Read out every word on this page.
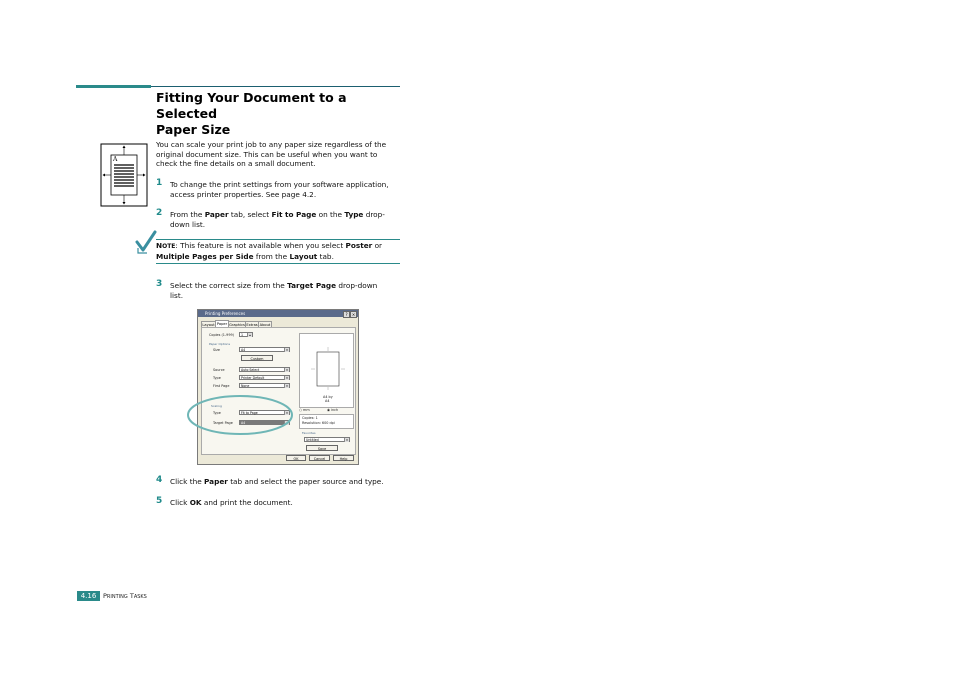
Fitting Your Document to a Selected
Paper Size
A
You can scale your print job to any paper size regardless of the
original document size. This can be useful when you want to
check the fine details on a small document.
1 To change the print settings from your software application,
access printer properties. See page 4.2.
2 From the Paper tab, select Fit to Page on the Type drop-
down list.
NOTE: This feature is not available when you select Poster or
Multiple Pages per Side from the Layout tab.
3 Select the correct size from the Target Page drop-down
list.
Printing Preferences	?	×
Layout Paper Graphics Extras About
Copies (1-999)	1	▴
Paper Options
Size	A4	▾
Custom
Source	Auto Select	▾
Type	Printer Default	▾
First Page	None	▾
Scaling
Type	Fit to Page	▾
Target Page	A4	▾
A4 by
A4
○ mm	◉ inch
Copies: 1
Resolution: 600 dpi
Favorites
Untitled	▾
Save
OK	Cancel	Help
4 Click the Paper tab and select the paper source and type.
5 Click OK and print the document.
4.16	PRINTING TASKS
